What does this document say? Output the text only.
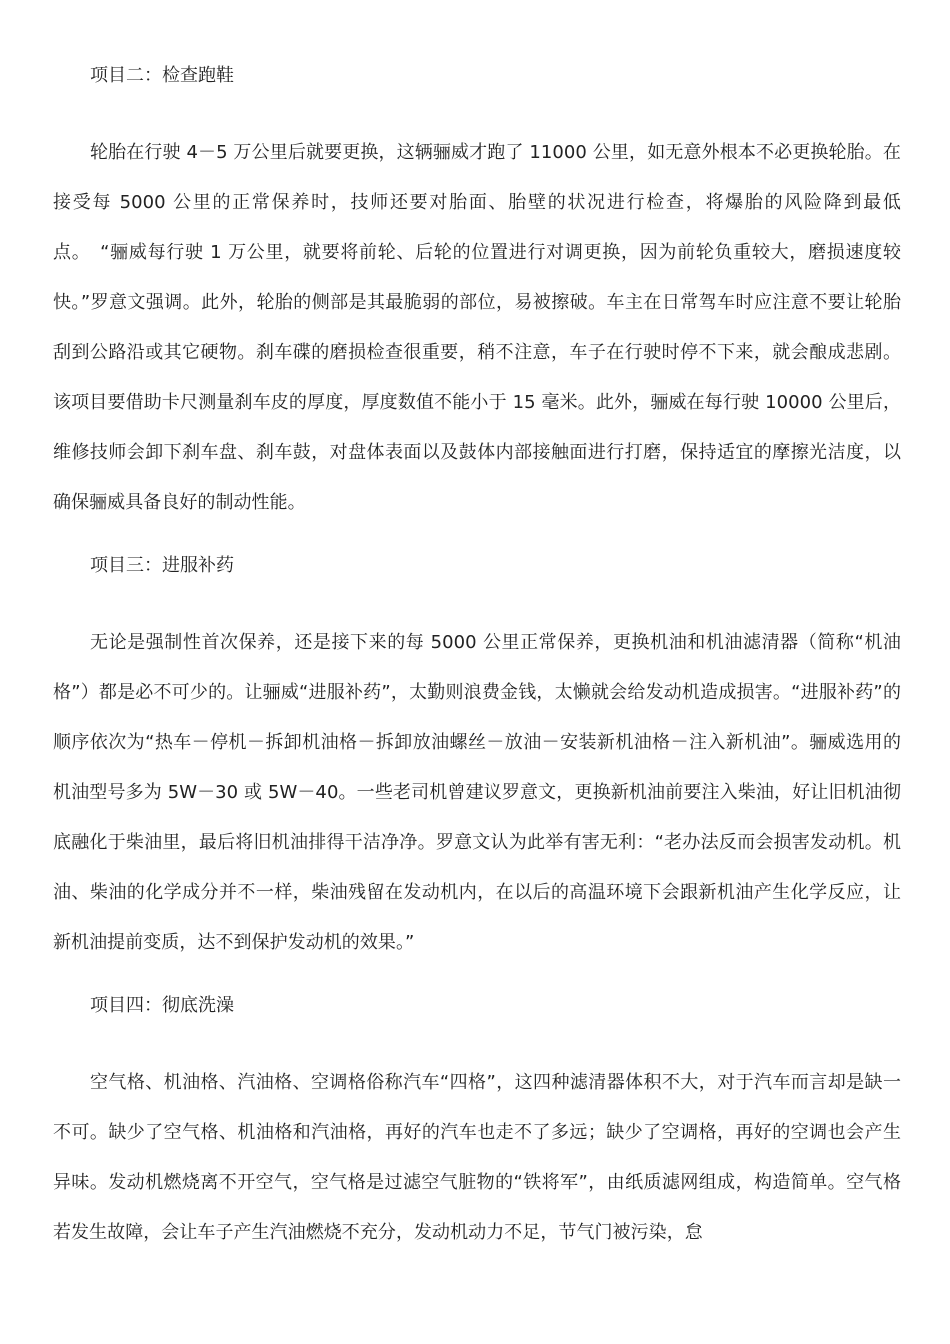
项目二：检查跑鞋
轮胎在行驶 4－5 万公里后就要更换，这辆骊威才跑了 11000 公里，如无意外根本不必更换轮胎。在接受每 5000 公里的正常保养时，技师还要对胎面、胎壁的状况进行检查，将爆胎的风险降到最低点。　“骊威每行驶 1 万公里，就要将前轮、后轮的位置进行对调更换，因为前轮负重较大，磨损速度较快。”罗意文强调。此外，轮胎的侧部是其最脆弱的部位，易被擦破。车主在日常驾车时应注意不要让轮胎刮到公路沿或其它硬物。刹车碟的磨损检查很重要，稍不注意，车子在行驶时停不下来，就会酿成悲剧。该项目要借助卡尺测量刹车皮的厚度，厚度数值不能小于 15 毫米。此外，骊威在每行驶 10000 公里后，维修技师会卸下刹车盘、刹车鼓，对盘体表面以及鼓体内部接触面进行打磨，保持适宜的摩擦光洁度，以确保骊威具备良好的制动性能。
项目三：进服补药
无论是强制性首次保养，还是接下来的每 5000 公里正常保养，更换机油和机油滤清器（简称“机油格”）都是必不可少的。让骊威“进服补药”，太勤则浪费金钱，太懒就会给发动机造成损害。“进服补药”的顺序依次为“热车－停机－拆卸机油格－拆卸放油螺丝－放油－安装新机油格－注入新机油”。骊威选用的机油型号多为 5W－30 或 5W－40。一些老司机曾建议罗意文，更换新机油前要注入柴油，好让旧机油彻底融化于柴油里，最后将旧机油排得干洁净净。罗意文认为此举有害无利：“老办法反而会损害发动机。机油、柴油的化学成分并不一样，柴油残留在发动机内，在以后的高温环境下会跟新机油产生化学反应，让新机油提前变质，达不到保护发动机的效果。”
项目四：彻底洗澡
空气格、机油格、汽油格、空调格俗称汽车“四格”，这四种滤清器体积不大，对于汽车而言却是缺一不可。缺少了空气格、机油格和汽油格，再好的汽车也走不了多远；缺少了空调格，再好的空调也会产生异味。发动机燃烧离不开空气，空气格是过滤空气脏物的“铁将军”，由纸质滤网组成，构造简单。空气格若发生故障，会让车子产生汽油燃烧不充分，发动机动力不足，节气门被污染，怠
